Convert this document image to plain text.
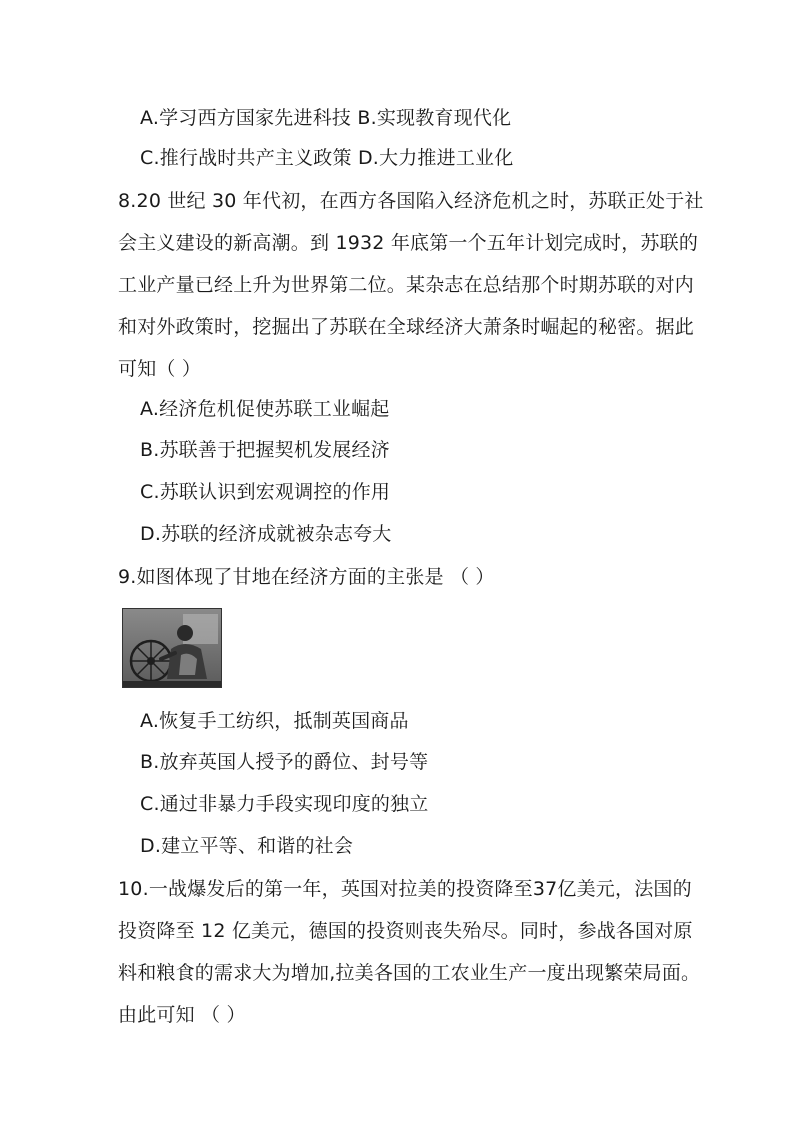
A.学习西方国家先进科技 B.实现教育现代化
C.推行战时共产主义政策 D.大力推进工业化
8.20 世纪 30 年代初，在西方各国陷入经济危机之时，苏联正处于社
会主义建设的新高潮。到 1932 年底第一个五年计划完成时，苏联的
工业产量已经上升为世界第二位。某杂志在总结那个时期苏联的对内
和对外政策时，挖掘出了苏联在全球经济大萧条时崛起的秘密。据此
可知（ ）
A.经济危机促使苏联工业崛起
B.苏联善于把握契机发展经济
C.苏联认识到宏观调控的作用
D.苏联的经济成就被杂志夸大
9.如图体现了甘地在经济方面的主张是 （ ）
A.恢复手工纺织，抵制英国商品
B.放弃英国人授予的爵位、封号等
C.通过非暴力手段实现印度的独立
D.建立平等、和谐的社会
10.一战爆发后的第一年，英国对拉美的投资降至37亿美元，法国的
投资降至 12 亿美元，德国的投资则丧失殆尽。同时，参战各国对原
料和粮食的需求大为增加,拉美各国的工农业生产一度出现繁荣局面。
由此可知 （ ）
